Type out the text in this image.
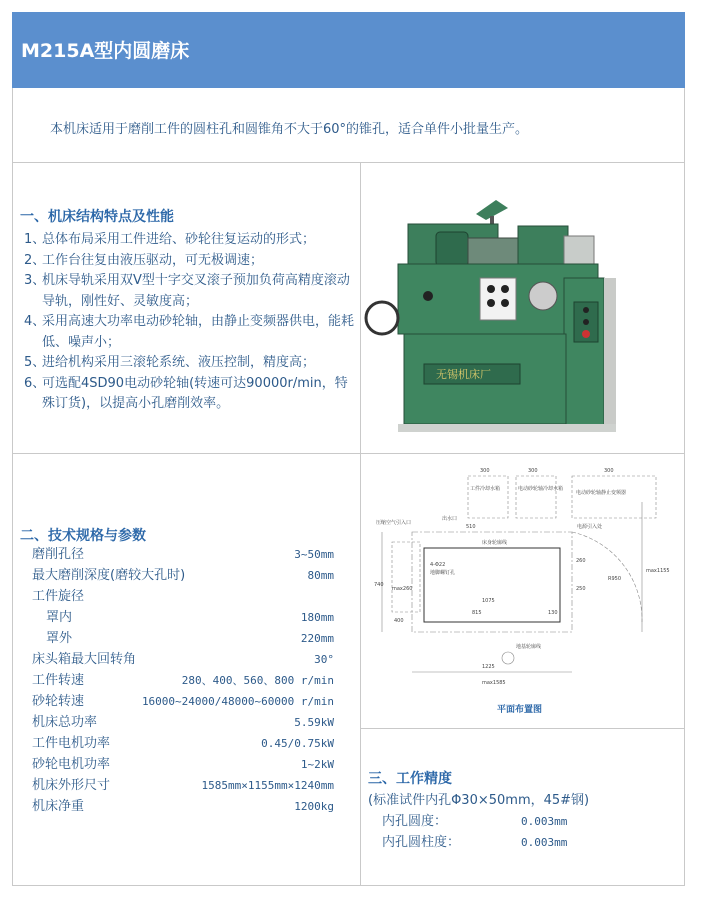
M215A型内圆磨床

本机床适用于磨削工件的圆柱孔和圆锥角不大于60°的锥孔，适合单件小批量生产。

一、机床结构特点及性能
1、
总体布局采用工件进给、砂轮往复运动的形式；
2、
工作台往复由液压驱动，可无极调速；
3、
机床导轨采用双V型十字交叉滚子预加负荷高精度滚动导轨，刚性好、灵敏度高；
4、
采用高速大功率电动砂轮轴，由静止变频器供电，能耗低、噪声小；
5、
进给机构采用三滚轮系统、液压控制，精度高；
6、
可选配4SD90电动砂轮轴(转速可达90000r/min，特殊订货)，以提高小孔磨削效率。
无锡机床厂
工件冷却水箱	电动砂轮轴冷却水箱
电动砂轮轴静止变频器
压缩空气引入口
出水口
电源引入处
床身轮廓线
4-Φ22
地脚螺钉孔
地基轮廓线
R950
300	300	300
510
1075
815	130
1225
max1585
260
250
740
max1155
400
max260
平面布置图
二、技术规格与参数
磨削孔径	3~50mm
最大磨削深度(磨较大孔时)	80mm
工件旋径
罩内	180mm
罩外	220mm
床头箱最大回转角	30°
工件转速	280、400、560、800 r/min
砂轮转速	16000~24000/48000~60000 r/min
机床总功率	5.59kW
工件电机功率	0.45/0.75kW
砂轮电机功率	1~2kW
机床外形尺寸	1585mm×1155mm×1240mm
机床净重	1200kg
三、工作精度
(标准试件内孔Φ30×50mm，45#钢)
内孔圆度：	0.003mm
内孔圆柱度：	0.003mm
